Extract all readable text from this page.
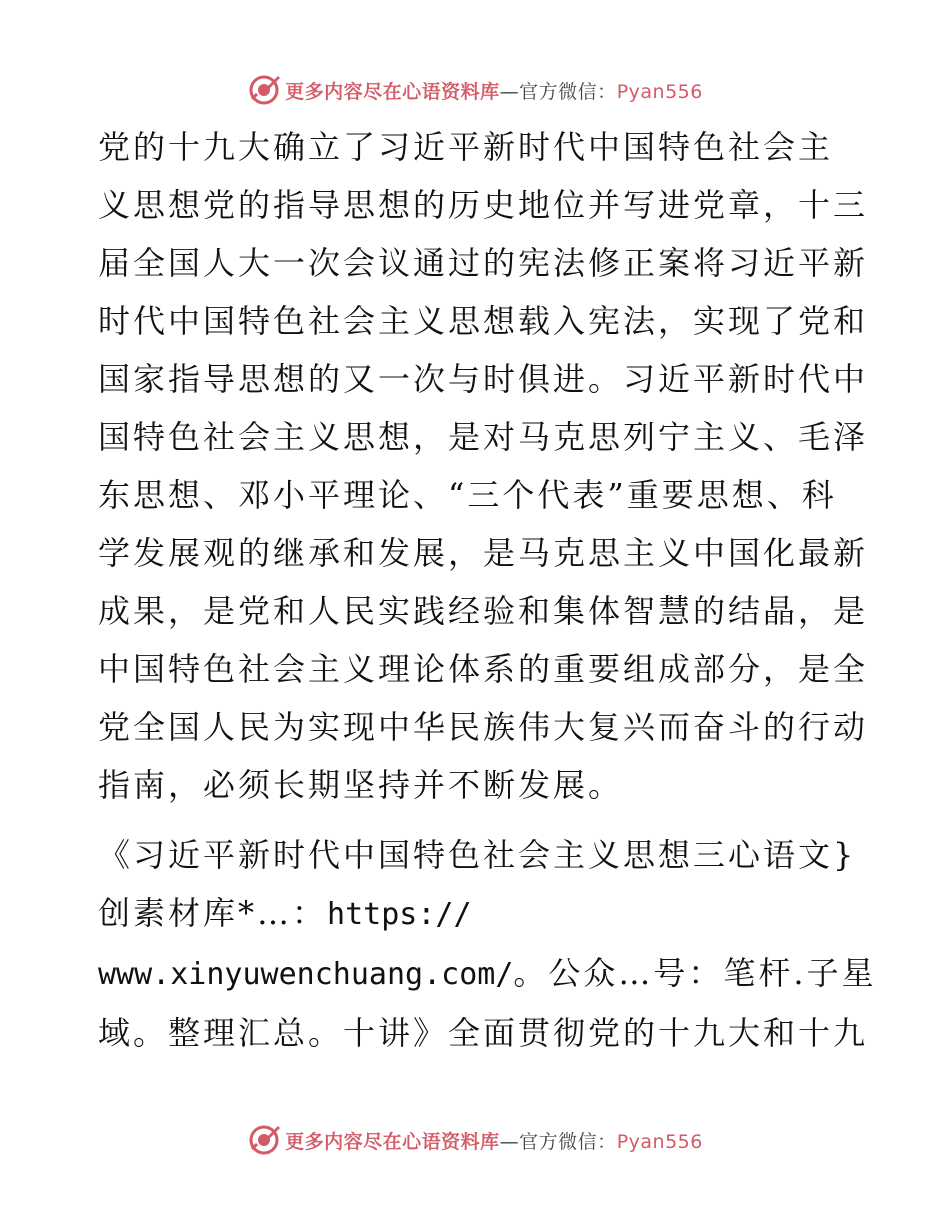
更多内容尽在心语资料库—官方微信：Pyan556

党的十九大确立了习近平新时代中国特色社会主

义思想党的指导思想的历史地位并写进党章，十三

届全国人大一次会议通过的宪法修正案将习近平新

时代中国特色社会主义思想载入宪法，实现了党和

国家指导思想的又一次与时俱进。习近平新时代中

国特色社会主义思想，是对马克思列宁主义、毛泽

东思想、邓小平理论、“三个代表”重要思想、科

学发展观的继承和发展，是马克思主义中国化最新

成果，是党和人民实践经验和集体智慧的结晶，是

中国特色社会主义理论体系的重要组成部分，是全

党全国人民为实现中华民族伟大复兴而奋斗的行动

指南，必须长期坚持并不断发展。

《习近平新时代中国特色社会主义思想三心语文}

创素材库*…：https://

www.xinyuwenchuang.com/。公众…号：笔杆.子星

域。整理汇总。十讲》全面贯彻党的十九大和十九

更多内容尽在心语资料库—官方微信：Pyan556
